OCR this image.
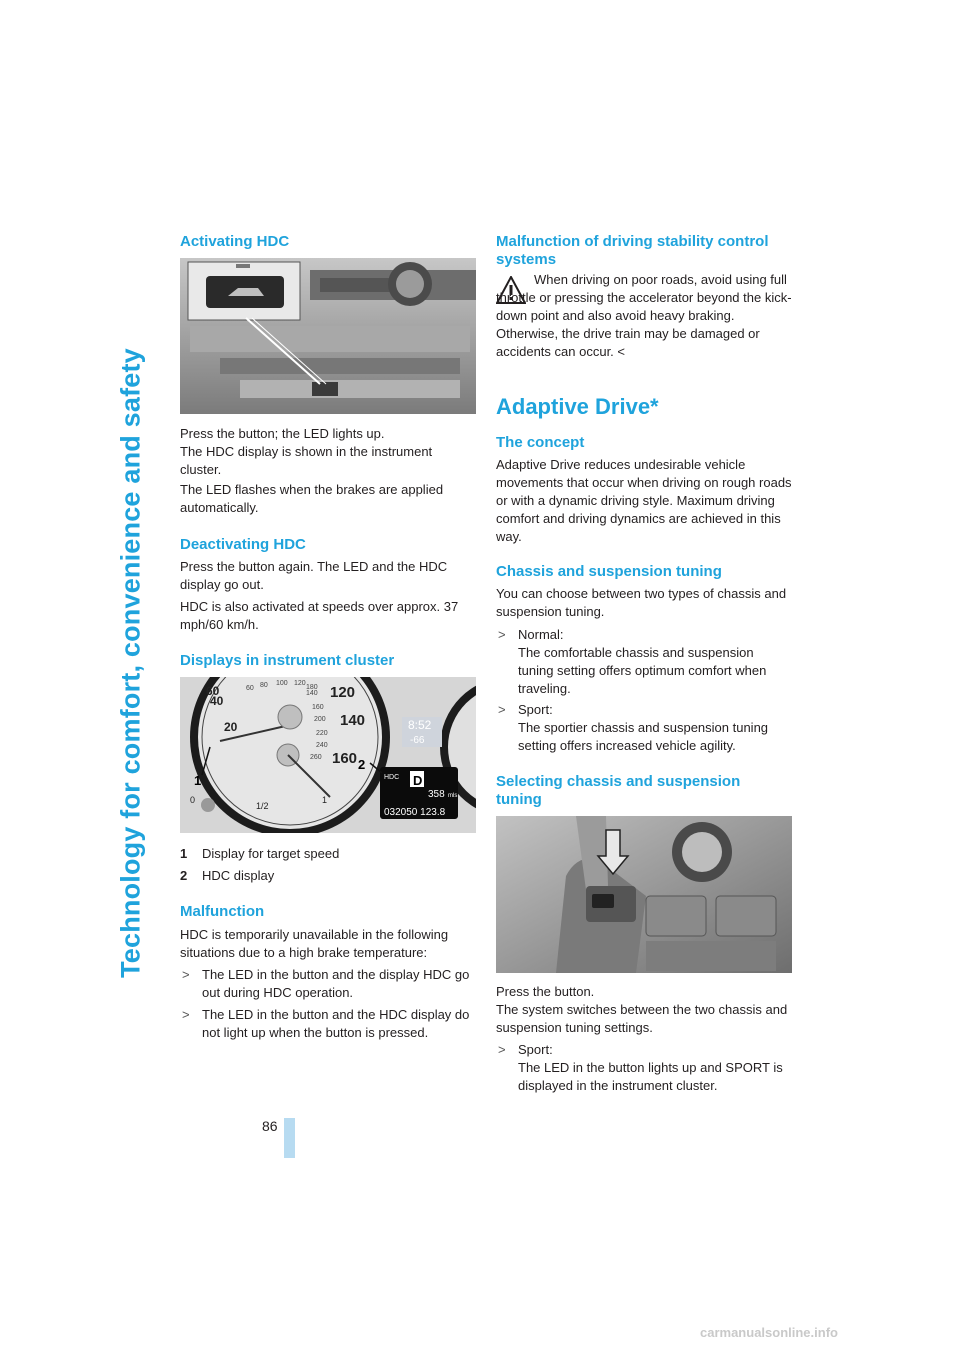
Technology for comfort, convenience and safety
86
Activating HDC

Press the button; the LED lights up.
The HDC display is shown in the instrument cluster.

The LED flashes when the brakes are applied automatically.

Deactivating HDC

Press the button again. The LED and the HDC display go out.

HDC is also activated at speeds over approx. 37 mph/60 km/h.

Displays in instrument cluster
60
40
20
120
140
160
60 80 100 120
140
160
180
200
220
240
260
1/2
1
0
8:52
-66
HDC D
358 mls
032050 123.8
1
2
1 Display for target speed
2 HDC display
Malfunction

HDC is temporarily unavailable in the following situations due to a high brake temperature:

> The LED in the button and the display HDC go out during HDC operation.
> The LED in the button and the HDC display do not light up when the button is pressed.
Malfunction of driving stability control systems

When driving on poor roads, avoid using full throttle or pressing the accelerator beyond the kick-down point and also avoid heavy braking. Otherwise, the drive train may be damaged or accidents can occur. <

Adaptive Drive*
The concept

Adaptive Drive reduces undesirable vehicle movements that occur when driving on rough roads or with a dynamic driving style. Maximum driving comfort and driving dynamics are achieved in this way.

Chassis and suspension tuning

You can choose between two types of chassis and suspension tuning.

> Normal:
The comfortable chassis and suspension tuning setting offers optimum comfort when traveling.
> Sport:
The sportier chassis and suspension tuning setting offers increased vehicle agility.
Selecting chassis and suspension tuning

Press the button.
The system switches between the two chassis and suspension tuning settings.

> Sport:
The LED in the button lights up and SPORT is displayed in the instrument cluster.
carmanualsonline.info
